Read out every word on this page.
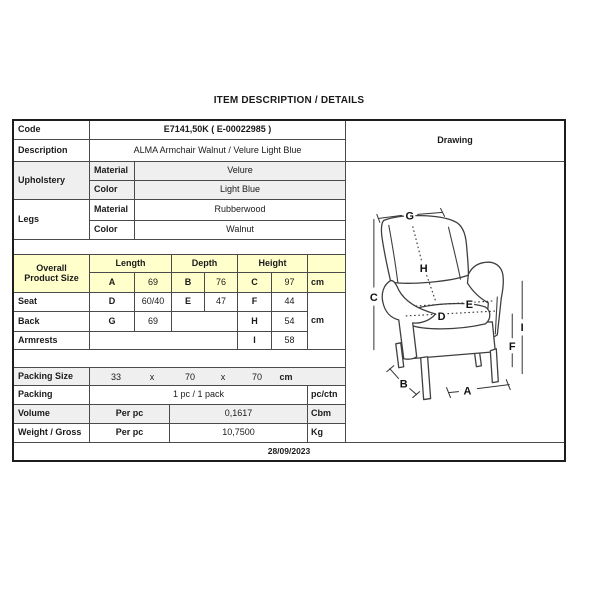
ITEM DESCRIPTION / DETAILS
Code	E7141,50K ( E-00022985 )
Description	ALMA Armchair Walnut / Velure Light Blue
Upholstery
Material	Velure
Color	Light Blue
Legs
Material	Rubberwood
Color	Walnut
Overall
Product Size
Length	Depth	Height
A	69	B	76	C	97	cm
Seat	D	60/40	E	47	F	44
cm
Back	G	69	H	54
Armrests	I	58
Packing Size	33	x	70	x	70 cm
Packing	1 pc / 1 pack	pc/ctn
Volume	Per pc	0,1617	Cbm
Weight / Gross	Per pc	10,7500	Kg
28/09/2023
Drawing
G
H
C
E
D
I
F
B
A
